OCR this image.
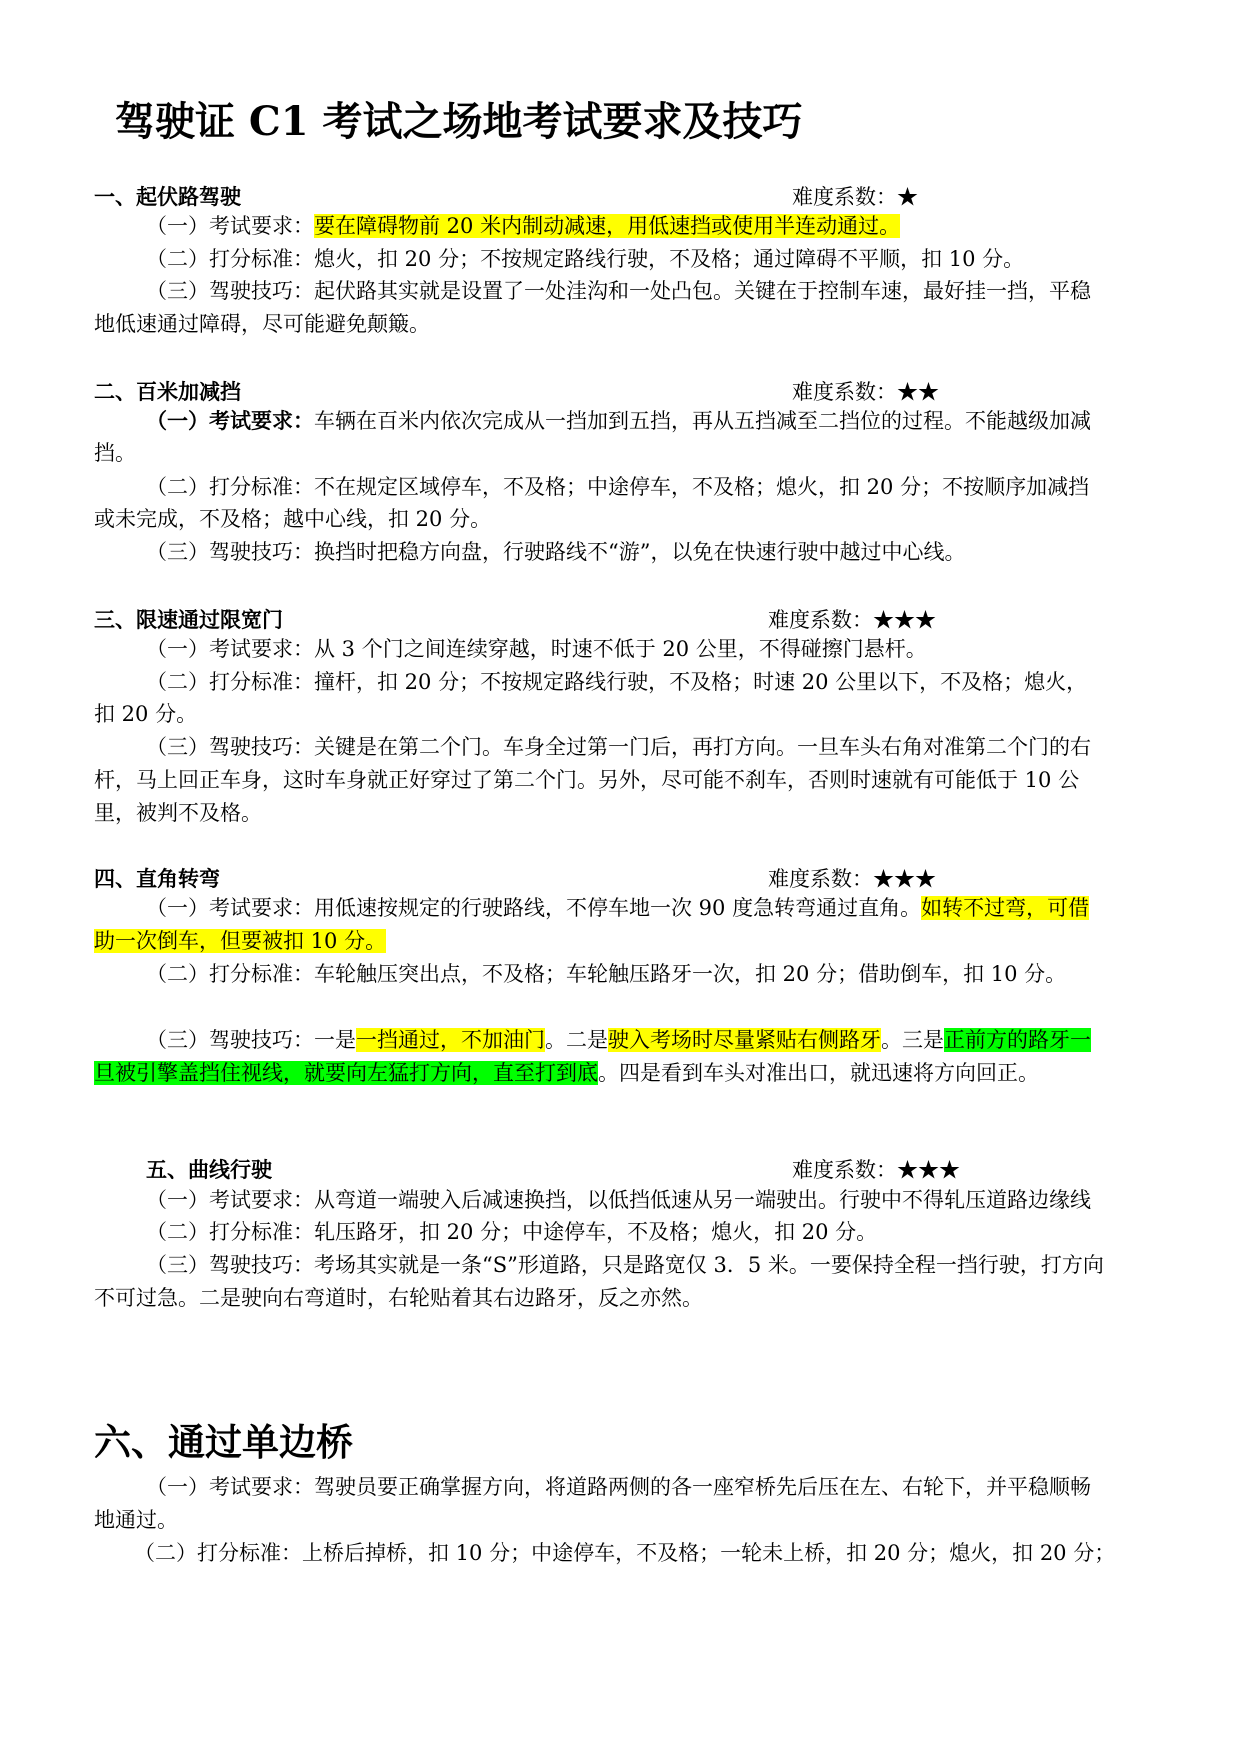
驾驶证 C1 考试之场地考试要求及技巧
一、起伏路驾驶	难度系数：★
（一）考试要求：要在障碍物前 20 米内制动减速，用低速挡或使用半连动通过。
（二）打分标准：熄火，扣 20 分；不按规定路线行驶，不及格；通过障碍不平顺，扣 10 分。
（三）驾驶技巧：起伏路其实就是设置了一处洼沟和一处凸包。关键在于控制车速，最好挂一挡，平稳
地低速通过障碍，尽可能避免颠簸。
二、百米加减挡	难度系数：★★
（一）考试要求：车辆在百米内依次完成从一挡加到五挡，再从五挡减至二挡位的过程。不能越级加减
挡。
（二）打分标准：不在规定区域停车，不及格；中途停车，不及格；熄火，扣 20 分；不按顺序加减挡
或未完成，不及格；越中心线，扣 20 分。
（三）驾驶技巧：换挡时把稳方向盘，行驶路线不“游”，以免在快速行驶中越过中心线。
三、限速通过限宽门	难度系数：★★★
（一）考试要求：从 3 个门之间连续穿越，时速不低于 20 公里，不得碰擦门悬杆。
（二）打分标准：撞杆，扣 20 分；不按规定路线行驶，不及格；时速 20 公里以下，不及格；熄火，
扣 20 分。
（三）驾驶技巧：关键是在第二个门。车身全过第一门后，再打方向。一旦车头右角对准第二个门的右
杆，马上回正车身，这时车身就正好穿过了第二个门。另外，尽可能不刹车，否则时速就有可能低于 10 公
里，被判不及格。
四、直角转弯	难度系数：★★★
（一）考试要求：用低速按规定的行驶路线，不停车地一次 90 度急转弯通过直角。如转不过弯，可借
助一次倒车，但要被扣 10 分。
（二）打分标准：车轮触压突出点，不及格；车轮触压路牙一次，扣 20 分；借助倒车，扣 10 分。
（三）驾驶技巧：一是一挡通过，不加油门。二是驶入考场时尽量紧贴右侧路牙。三是正前方的路牙一
旦被引擎盖挡住视线，就要向左猛打方向，直至打到底。四是看到车头对准出口，就迅速将方向回正。
五、曲线行驶	难度系数：★★★
（一）考试要求：从弯道一端驶入后减速换挡，以低挡低速从另一端驶出。行驶中不得轧压道路边缘线
（二）打分标准：轧压路牙，扣 20 分；中途停车，不及格；熄火，扣 20 分。
（三）驾驶技巧：考场其实就是一条“S”形道路，只是路宽仅 3．5 米。一要保持全程一挡行驶，打方向
不可过急。二是驶向右弯道时，右轮贴着其右边路牙，反之亦然。
六、通过单边桥
（一）考试要求：驾驶员要正确掌握方向，将道路两侧的各一座窄桥先后压在左、右轮下，并平稳顺畅
地通过。
（二）打分标准：上桥后掉桥，扣 10 分；中途停车，不及格；一轮未上桥，扣 20 分；熄火，扣 20 分；
